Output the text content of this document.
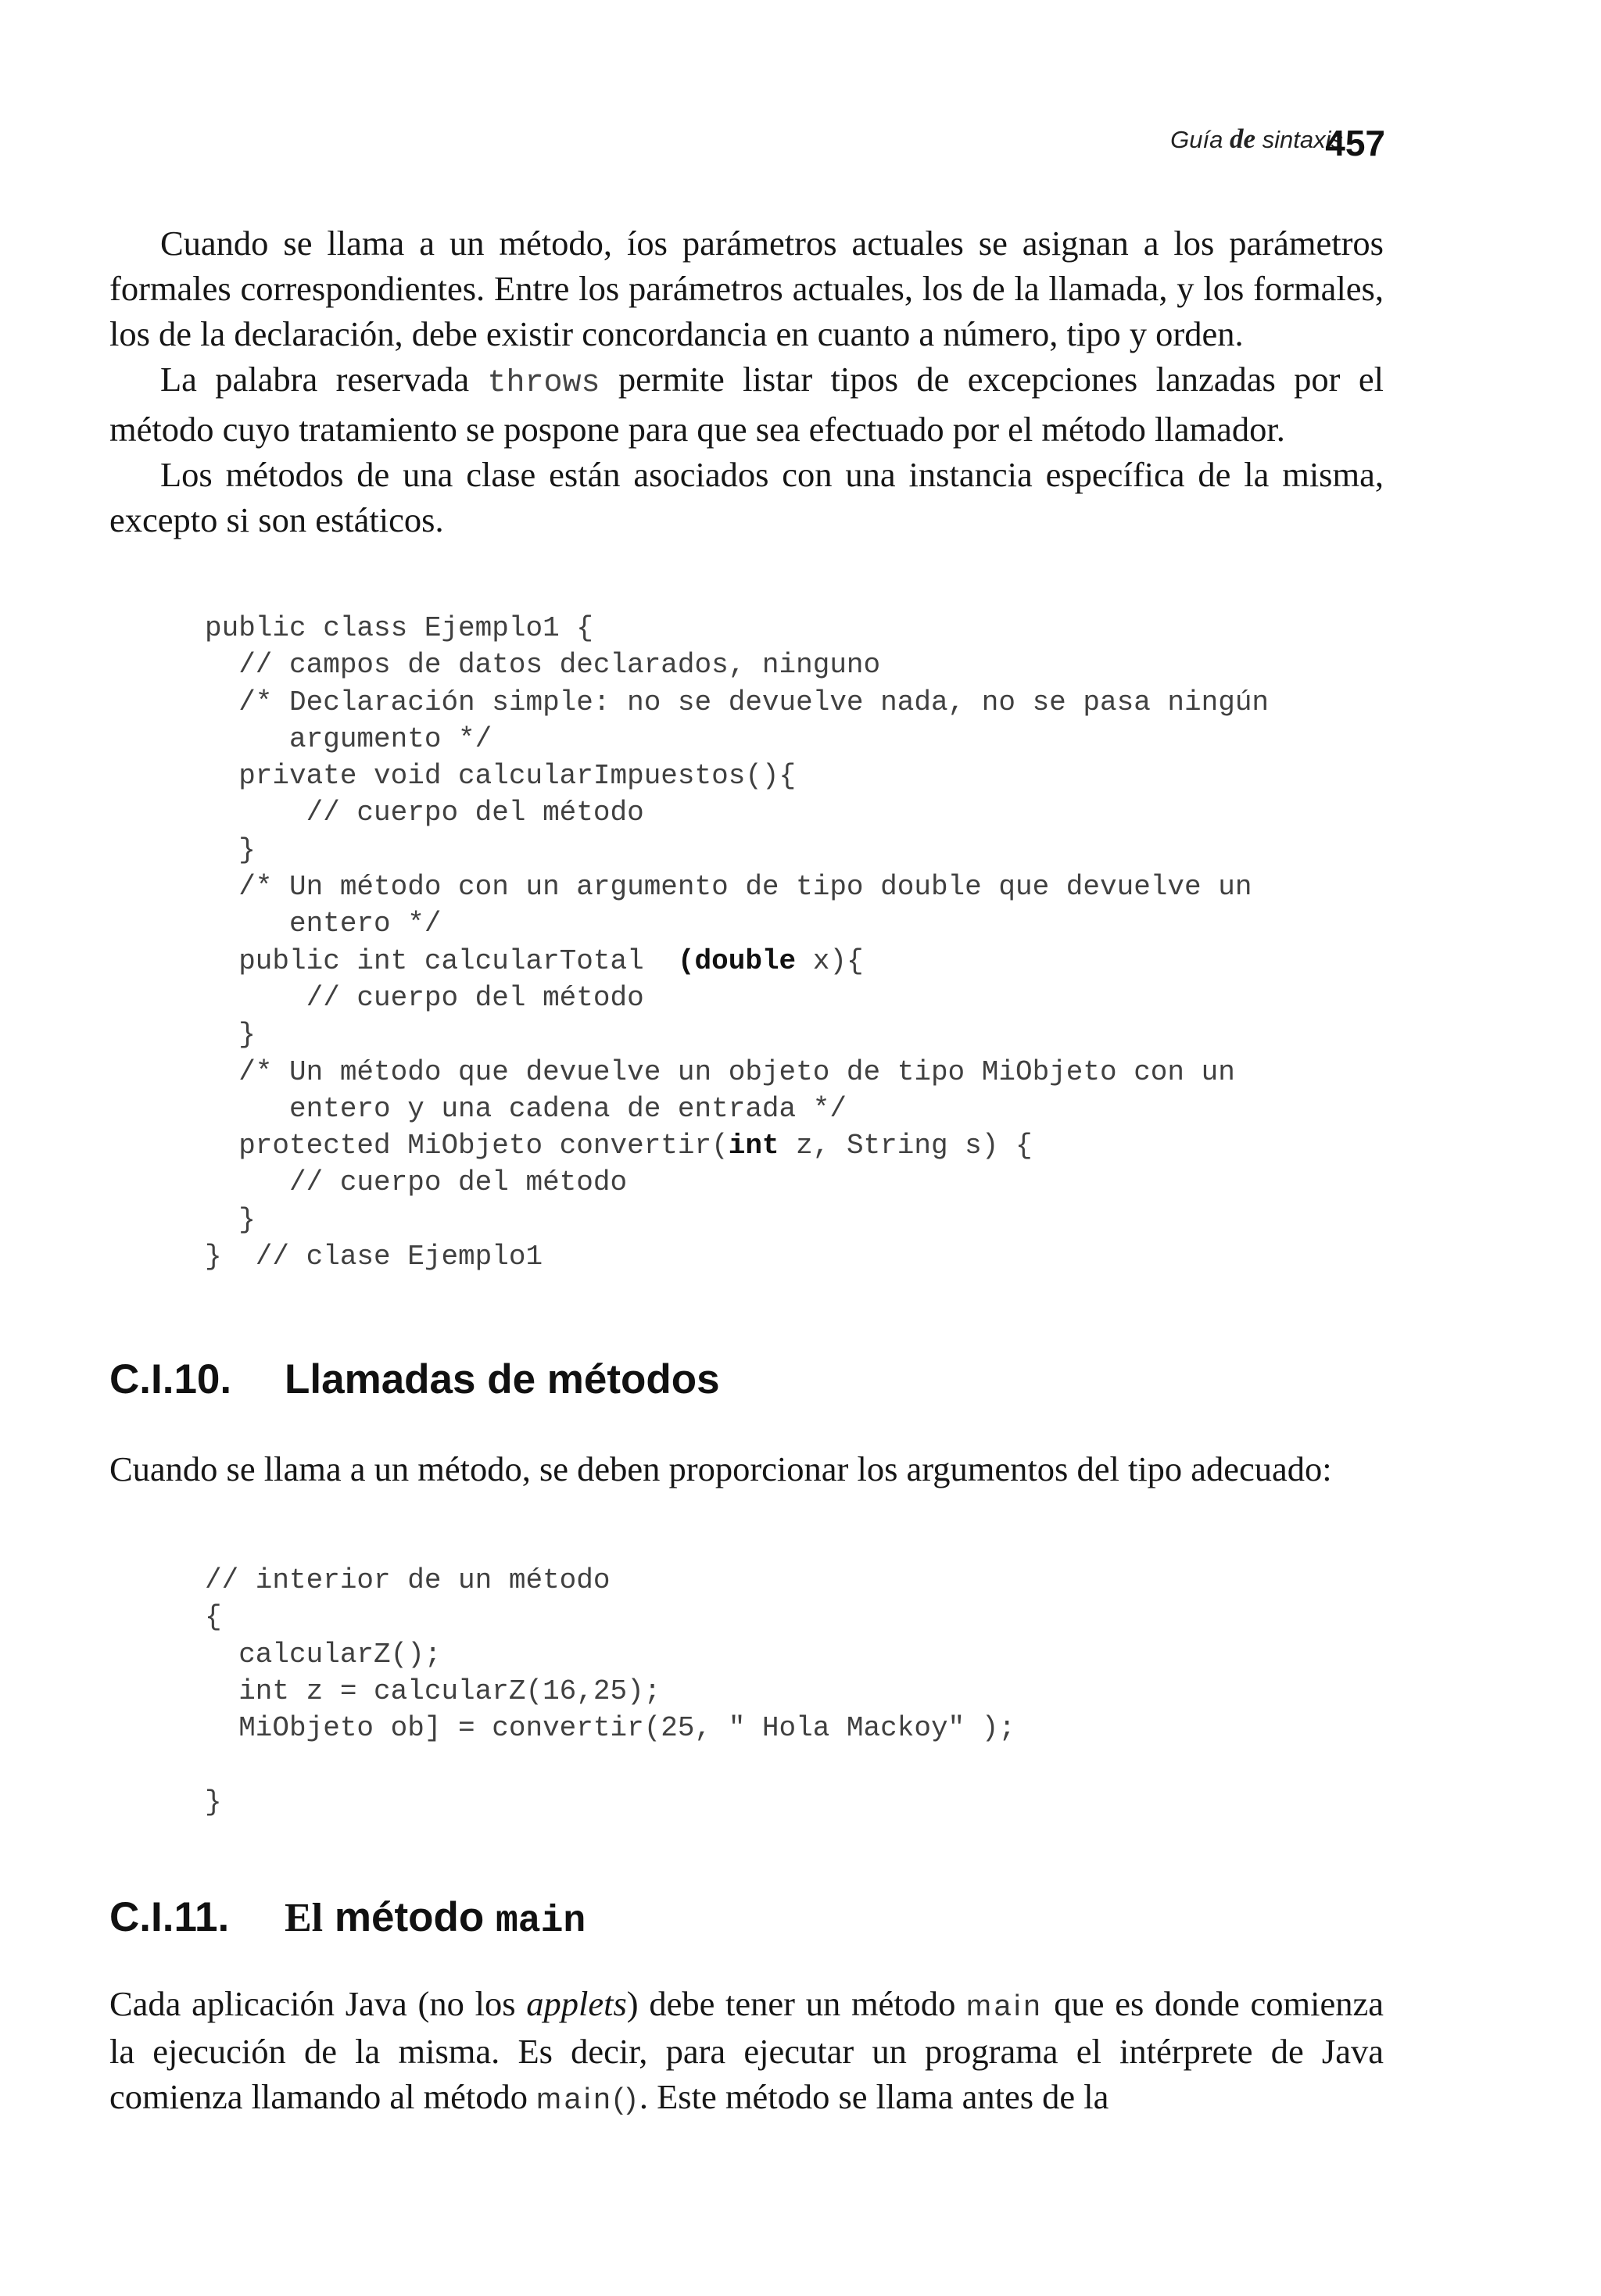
Guía de sintaxis
457

Cuando se llama a un método, íos parámetros actuales se asignan a los parámetros formales correspondientes. Entre los parámetros actuales, los de la llamada, y los formales, los de la declaración, debe existir concordancia en cuanto a número, tipo y orden.

La palabra reservada throws permite listar tipos de excepciones lanzadas por el método cuyo tratamiento se pospone para que sea efectuado por el método llamador.

Los métodos de una clase están asociados con una instancia específica de la misma, excepto si son estáticos.

public class Ejemplo1 {
// campos de datos declarados, ninguno
/* Declaración simple: no se devuelve nada, no se pasa ningún
argumento */
private void calcularImpuestos(){
// cuerpo del método
}
/* Un método con un argumento de tipo double que devuelve un
entero */
public int calcularTotal  (double x){
// cuerpo del método
}
/* Un método que devuelve un objeto de tipo MiObjeto con un
entero y una cadena de entrada */
protected MiObjeto convertir(int z, String s) {
// cuerpo del método
}
}  // clase Ejemplo1
C.I.10. Llamadas de métodos

Cuando se llama a un método, se deben proporcionar los argumentos del tipo adecuado:

// interior de un método
{
calcularZ();
int z = calcularZ(16,25);
MiObjeto ob] = convertir(25, " Hola Mackoy" );

}
C.I.11. El método main

Cada aplicación Java (no los applets) debe tener un método main que es donde comienza la ejecución de la misma. Es decir, para ejecutar un programa el intérprete de Java comienza llamando al método main(). Este método se llama antes de la
